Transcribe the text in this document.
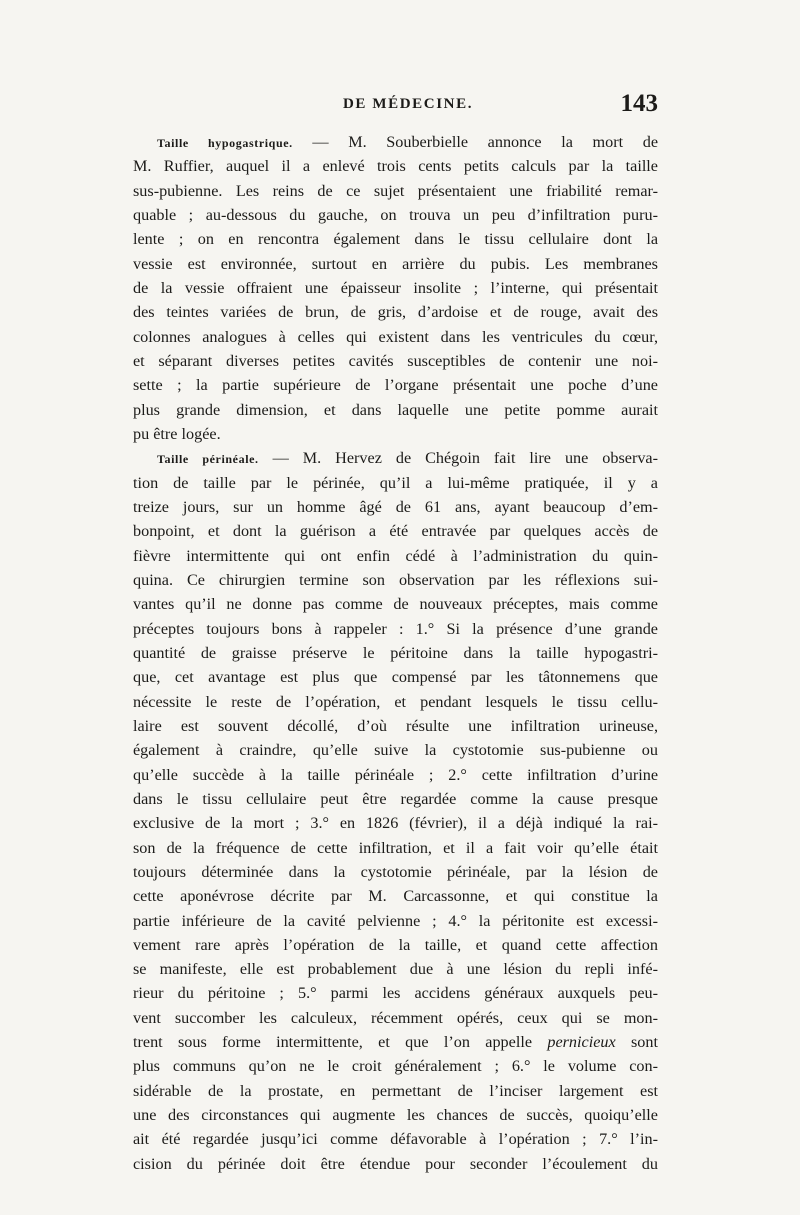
DE MÉDECINE.	143
Taille hypogastrique. — M. Souberbielle annonce la mort de
M. Ruffier, auquel il a enlevé trois cents petits calculs par la taille
sus-pubienne. Les reins de ce sujet présentaient une friabilité remar-
quable ; au-dessous du gauche, on trouva un peu d’infiltration puru-
lente ; on en rencontra également dans le tissu cellulaire dont la
vessie est environnée, surtout en arrière du pubis. Les membranes
de la vessie offraient une épaisseur insolite ; l’interne, qui présentait
des teintes variées de brun, de gris, d’ardoise et de rouge, avait des
colonnes analogues à celles qui existent dans les ventricules du cœur,
et séparant diverses petites cavités susceptibles de contenir une noi-
sette ; la partie supérieure de l’organe présentait une poche d’une
plus grande dimension, et dans laquelle une petite pomme aurait
pu être logée.
Taille périnéale. — M. Hervez de Chégoin fait lire une observa-
tion de taille par le périnée, qu’il a lui-même pratiquée, il y a
treize jours, sur un homme âgé de 61 ans, ayant beaucoup d’em-
bonpoint, et dont la guérison a été entravée par quelques accès de
fièvre intermittente qui ont enfin cédé à l’administration du quin-
quina. Ce chirurgien termine son observation par les réflexions sui-
vantes qu’il ne donne pas comme de nouveaux préceptes, mais comme
préceptes toujours bons à rappeler : 1.° Si la présence d’une grande
quantité de graisse préserve le péritoine dans la taille hypogastri-
que, cet avantage est plus que compensé par les tâtonnemens que
nécessite le reste de l’opération, et pendant lesquels le tissu cellu-
laire est souvent décollé, d’où résulte une infiltration urineuse,
également à craindre, qu’elle suive la cystotomie sus-pubienne ou
qu’elle succède à la taille périnéale ; 2.° cette infiltration d’urine
dans le tissu cellulaire peut être regardée comme la cause presque
exclusive de la mort ; 3.° en 1826 (février), il a déjà indiqué la rai-
son de la fréquence de cette infiltration, et il a fait voir qu’elle était
toujours déterminée dans la cystotomie périnéale, par la lésion de
cette aponévrose décrite par M. Carcassonne, et qui constitue la
partie inférieure de la cavité pelvienne ; 4.° la péritonite est excessi-
vement rare après l’opération de la taille, et quand cette affection
se manifeste, elle est probablement due à une lésion du repli infé-
rieur du péritoine ; 5.° parmi les accidens généraux auxquels peu-
vent succomber les calculeux, récemment opérés, ceux qui se mon-
trent sous forme intermittente, et que l’on appelle pernicieux sont
plus communs qu’on ne le croit généralement ; 6.° le volume con-
sidérable de la prostate, en permettant de l’inciser largement est
une des circonstances qui augmente les chances de succès, quoiqu’elle
ait été regardée jusqu’ici comme défavorable à l’opération ; 7.° l’in-
cision du périnée doit être étendue pour seconder l’écoulement du
